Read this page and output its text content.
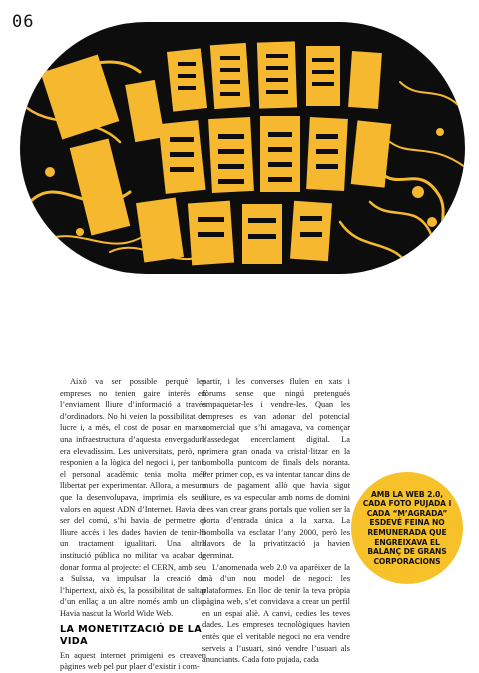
06

Això va ser possible perquè les empreses no tenien gaire interès en l’enviament lliure d’informació a través d’ordinadors. No hi veien la possibilitat de lucre i, a més, el cost de posar en marxa una infraestructura d’aquesta envergadura era elevadíssim. Les universitats, però, no responien a la lògica del negoci i, per tant, el personal acadèmic tenia molta més llibertat per experimentar. Allora, a mesura que la desenvolupava, imprimia els seus valors en aquest ADN d’Internet. Havia de ser del comú, s’hi havia de permetre el lliure accés i les dades havien de tenir-hi un tractament igualitari. Una altra institució pública no militar va acabar de donar forma al projecte: el CERN, amb seu a Suïssa, va impulsar la creació de l’hipertext, això és, la possibilitat de saltar d’un enllaç a un altre només amb un clic. Havia nascut la World Wide Web.

LA MONETITZACIÓ DE LA VIDA

En aquest internet primigeni es creaven pàgines web pel pur plaer d’existir i com-

partir, i les converses fluïen en xats i fòrums sense que ningú pretengués empaquetar-les i vendre-les. Quan les empreses es van adonar del potencial comercial que s’hi amagava, va començar l’assedegat encerclament digital. La primera gran onada va cristal·litzar en la bombolla puntcom de finals dels noranta. Per primer cop, es va intentar tancar dins de murs de pagament allò que havia sigut lliure, es va especular amb noms de domini i es van crear grans portals que volien ser la porta d’entrada única a la xarxa. La bombolla va esclatar l’any 2000, però les llavors de la privatització ja havien germinat.

L’anomenada web 2.0 va aparèixer de la mà d’un nou model de negoci: les plataformes. En lloc de tenir la teva pròpia pàgina web, s’et convidava a crear un perfil en un espai aliè. A canvi, cedies les teves dades. Les empreses tecnològiques havien entès que el veritable negoci no era vendre serveis a l’usuari, sinó vendre l’usuari als anunciants. Cada foto pujada, cada

AMB LA WEB 2.0, CADA FOTO PUJADA I CADA “M’AGRADA” ESDEVÉ FEINA NO REMUNERADA QUE ENGREIXAVA EL BALANÇ DE GRANS CORPORACIONS
